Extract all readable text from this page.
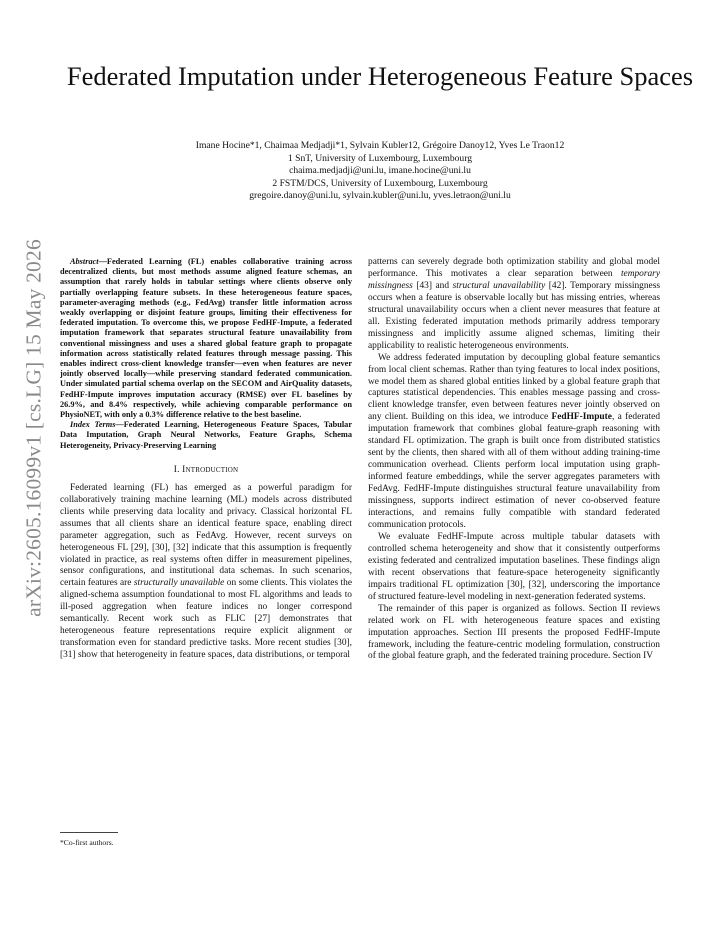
arXiv:2605.16099v1 [cs.LG] 15 May 2026
Federated Imputation under Heterogeneous Feature Spaces
Imane Hocine*1, Chaimaa Medjadji*1, Sylvain Kubler12, Grégoire Danoy12, Yves Le Traon12
1 SnT, University of Luxembourg, Luxembourg
chaima.medjadji@uni.lu, imane.hocine@uni.lu
2 FSTM/DCS, University of Luxembourg, Luxembourg
gregoire.danoy@uni.lu, sylvain.kubler@uni.lu, yves.letraon@uni.lu

Abstract—Federated Learning (FL) enables collaborative training across decentralized clients, but most methods assume aligned feature schemas, an assumption that rarely holds in tabular settings where clients observe only partially overlapping feature subsets. In these heterogeneous feature spaces, parameter-averaging methods (e.g., FedAvg) transfer little information across weakly overlapping or disjoint feature groups, limiting their effectiveness for federated imputation. To overcome this, we propose FedHF-Impute, a federated imputation framework that separates structural feature unavailability from conventional missingness and uses a shared global feature graph to propagate information across statistically related features through message passing. This enables indirect cross-client knowledge transfer—even when features are never jointly observed locally—while preserving standard federated communication. Under simulated partial schema overlap on the SECOM and AirQuality datasets, FedHF-Impute improves imputation accuracy (RMSE) over FL baselines by 26.9%, and 8.4% respectively, while achieving comparable performance on PhysioNET, with only a 0.3% difference relative to the best baseline.

Index Terms—Federated Learning, Heterogeneous Feature Spaces, Tabular Data Imputation, Graph Neural Networks, Feature Graphs, Schema Heterogeneity, Privacy-Preserving Learning

I. Introduction

Federated learning (FL) has emerged as a powerful paradigm for collaboratively training machine learning (ML) models across distributed clients while preserving data locality and privacy. Classical horizontal FL assumes that all clients share an identical feature space, enabling direct parameter aggregation, such as FedAvg. However, recent surveys on heterogeneous FL [29], [30], [32] indicate that this assumption is frequently violated in practice, as real systems often differ in measurement pipelines, sensor configurations, and institutional data schemas. In such scenarios, certain features are structurally unavailable on some clients. This violates the aligned-schema assumption foundational to most FL algorithms and leads to ill-posed aggregation when feature indices no longer correspond semantically. Recent work such as FLIC [27] demonstrates that heterogeneous feature representations require explicit alignment or transformation even for standard predictive tasks. More recent studies [30], [31] show that heterogeneity in feature spaces, data distributions, or temporal

patterns can severely degrade both optimization stability and global model performance. This motivates a clear separation between temporary missingness [43] and structural unavailability [42]. Temporary missingness occurs when a feature is observable locally but has missing entries, whereas structural unavailability occurs when a client never measures that feature at all. Existing federated imputation methods primarily address temporary missingness and implicitly assume aligned schemas, limiting their applicability to realistic heterogeneous environments.

We address federated imputation by decoupling global feature semantics from local client schemas. Rather than tying features to local index positions, we model them as shared global entities linked by a global feature graph that captures statistical dependencies. This enables message passing and cross-client knowledge transfer, even between features never jointly observed on any client. Building on this idea, we introduce FedHF-Impute, a federated imputation framework that combines global feature-graph reasoning with standard FL optimization. The graph is built once from distributed statistics sent by the clients, then shared with all of them without adding training-time communication overhead. Clients perform local imputation using graph-informed feature embeddings, while the server aggregates parameters with FedAvg. FedHF-Impute distinguishes structural feature unavailability from missingness, supports indirect estimation of never co-observed feature interactions, and remains fully compatible with standard federated communication protocols.

We evaluate FedHF-Impute across multiple tabular datasets with controlled schema heterogeneity and show that it consistently outperforms existing federated and centralized imputation baselines. These findings align with recent observations that feature-space heterogeneity significantly impairs traditional FL optimization [30], [32], underscoring the importance of structured feature-level modeling in next-generation federated systems.

The remainder of this paper is organized as follows. Section II reviews related work on FL with heterogeneous feature spaces and existing imputation approaches. Section III presents the proposed FedHF-Impute framework, including the feature-centric modeling formulation, construction of the global feature graph, and the federated training procedure. Section IV

*Co-first authors.
